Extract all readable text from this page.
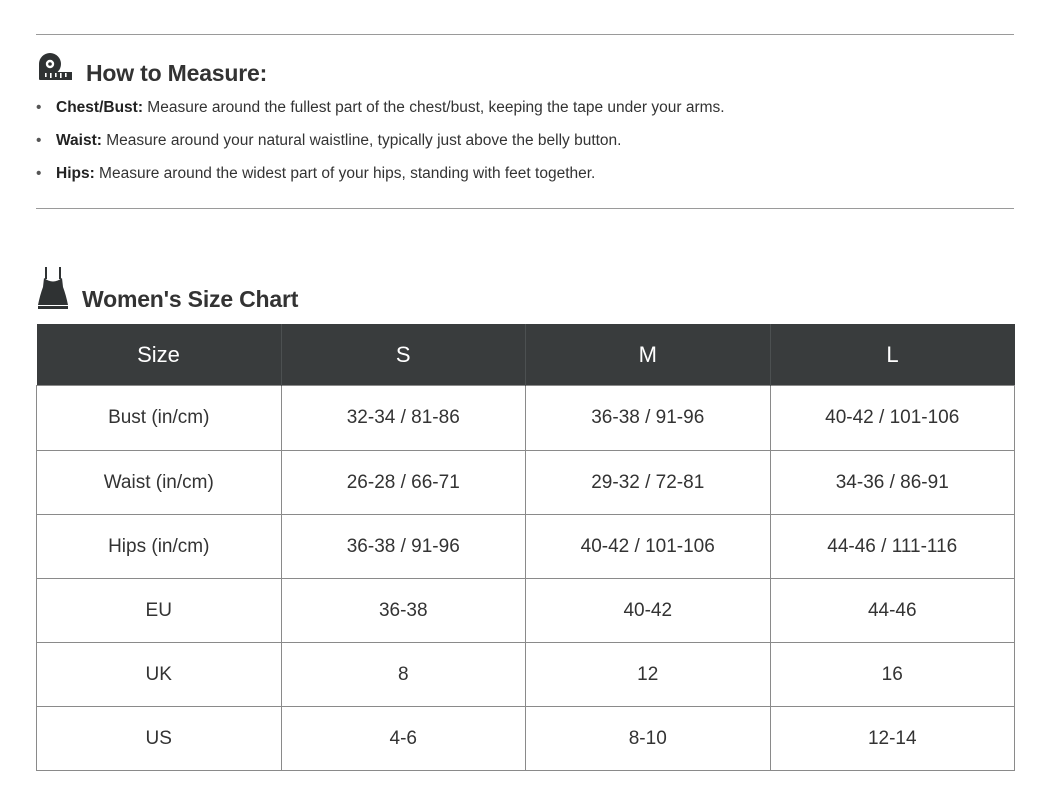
How to Measure:
• Chest/Bust: Measure around the fullest part of the chest/bust, keeping the tape under your arms.
• Waist: Measure around your natural waistline, typically just above the belly button.
• Hips: Measure around the widest part of your hips, standing with feet together.
Women's Size Chart
Size	S	M	L
Bust (in/cm)	32-34 / 81-86	36-38 / 91-96	40-42 / 101-106
Waist (in/cm)	26-28 / 66-71	29-32 / 72-81	34-36 / 86-91
Hips (in/cm)	36-38 / 91-96	40-42 / 101-106	44-46 / 111-116
EU	36-38	40-42	44-46
UK	8	12	16
US	4-6	8-10	12-14
